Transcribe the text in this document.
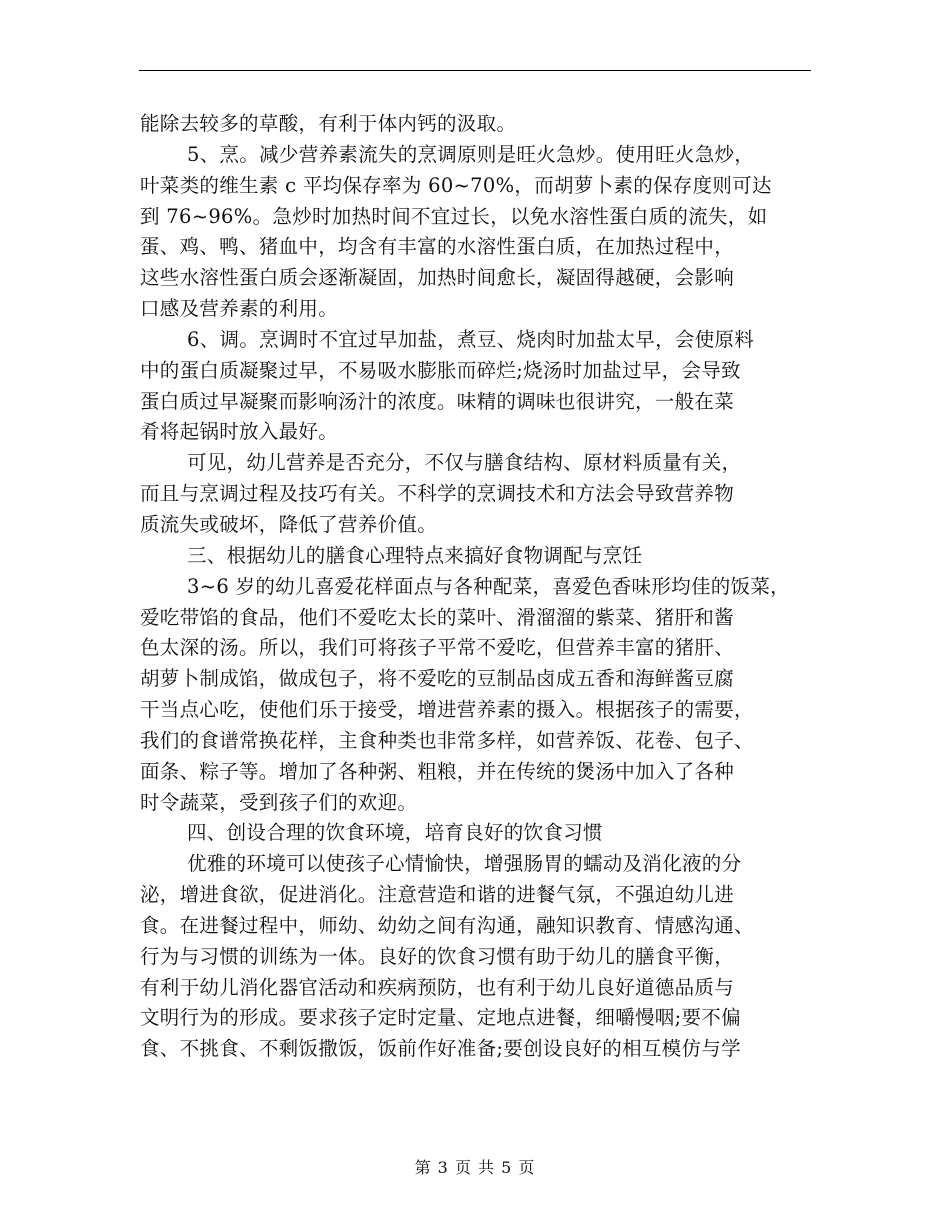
能除去较多的草酸，有利于体内钙的汲取。
5、烹。减少营养素流失的烹调原则是旺火急炒。使用旺火急炒，
叶菜类的维生素 c 平均保存率为 60~70%，而胡萝卜素的保存度则可达
到 76~96%。急炒时加热时间不宜过长，以免水溶性蛋白质的流失，如
蛋、鸡、鸭、猪血中，均含有丰富的水溶性蛋白质，在加热过程中，
这些水溶性蛋白质会逐渐凝固，加热时间愈长，凝固得越硬，会影响
口感及营养素的利用。
6、调。烹调时不宜过早加盐，煮豆、烧肉时加盐太早，会使原料
中的蛋白质凝聚过早，不易吸水膨胀而碎烂;烧汤时加盐过早，会导致
蛋白质过早凝聚而影响汤汁的浓度。味精的调味也很讲究，一般在菜
肴将起锅时放入最好。
可见，幼儿营养是否充分，不仅与膳食结构、原材料质量有关，
而且与烹调过程及技巧有关。不科学的烹调技术和方法会导致营养物
质流失或破坏，降低了营养价值。
三、根据幼儿的膳食心理特点来搞好食物调配与烹饪
3~6 岁的幼儿喜爱花样面点与各种配菜，喜爱色香味形均佳的饭菜，
爱吃带馅的食品，他们不爱吃太长的菜叶、滑溜溜的紫菜、猪肝和酱
色太深的汤。所以，我们可将孩子平常不爱吃，但营养丰富的猪肝、
胡萝卜制成馅，做成包子，将不爱吃的豆制品卤成五香和海鲜酱豆腐
干当点心吃，使他们乐于接受，增进营养素的摄入。根据孩子的需要，
我们的食谱常换花样，主食种类也非常多样，如营养饭、花卷、包子、
面条、粽子等。增加了各种粥、粗粮，并在传统的煲汤中加入了各种
时令蔬菜，受到孩子们的欢迎。
四、创设合理的饮食环境，培育良好的饮食习惯
优雅的环境可以使孩子心情愉快，增强肠胃的蠕动及消化液的分
泌，增进食欲，促进消化。注意营造和谐的进餐气氛，不强迫幼儿进
食。在进餐过程中，师幼、幼幼之间有沟通，融知识教育、情感沟通、
行为与习惯的训练为一体。良好的饮食习惯有助于幼儿的膳食平衡，
有利于幼儿消化器官活动和疾病预防，也有利于幼儿良好道德品质与
文明行为的形成。要求孩子定时定量、定地点进餐，细嚼慢咽;要不偏
食、不挑食、不剩饭撒饭，饭前作好准备;要创设良好的相互模仿与学
第 3 页 共 5 页
